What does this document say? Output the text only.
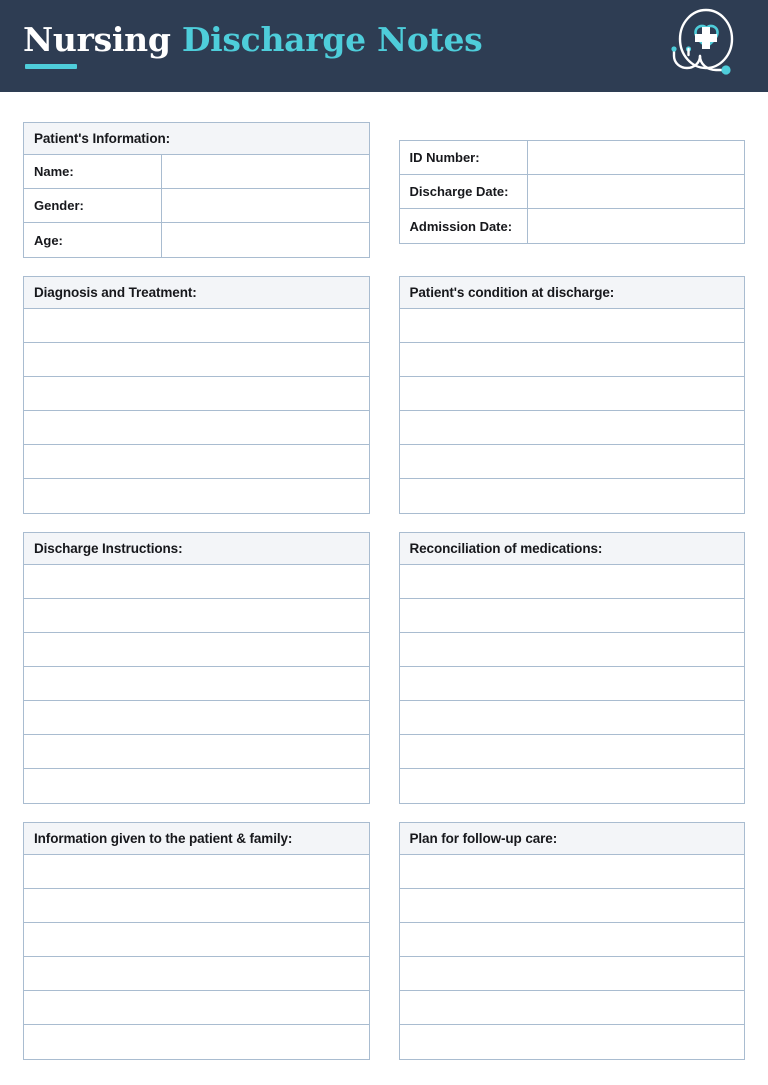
Nursing Discharge Notes
Patient's Information:
Name:
Gender:
Age:
ID Number:
Discharge Date:
Admission Date:
Diagnosis and Treatment:	Patient's condition at discharge:
Discharge Instructions:	Reconciliation of medications:
Information given to the patient & family:	Plan for follow-up care:
